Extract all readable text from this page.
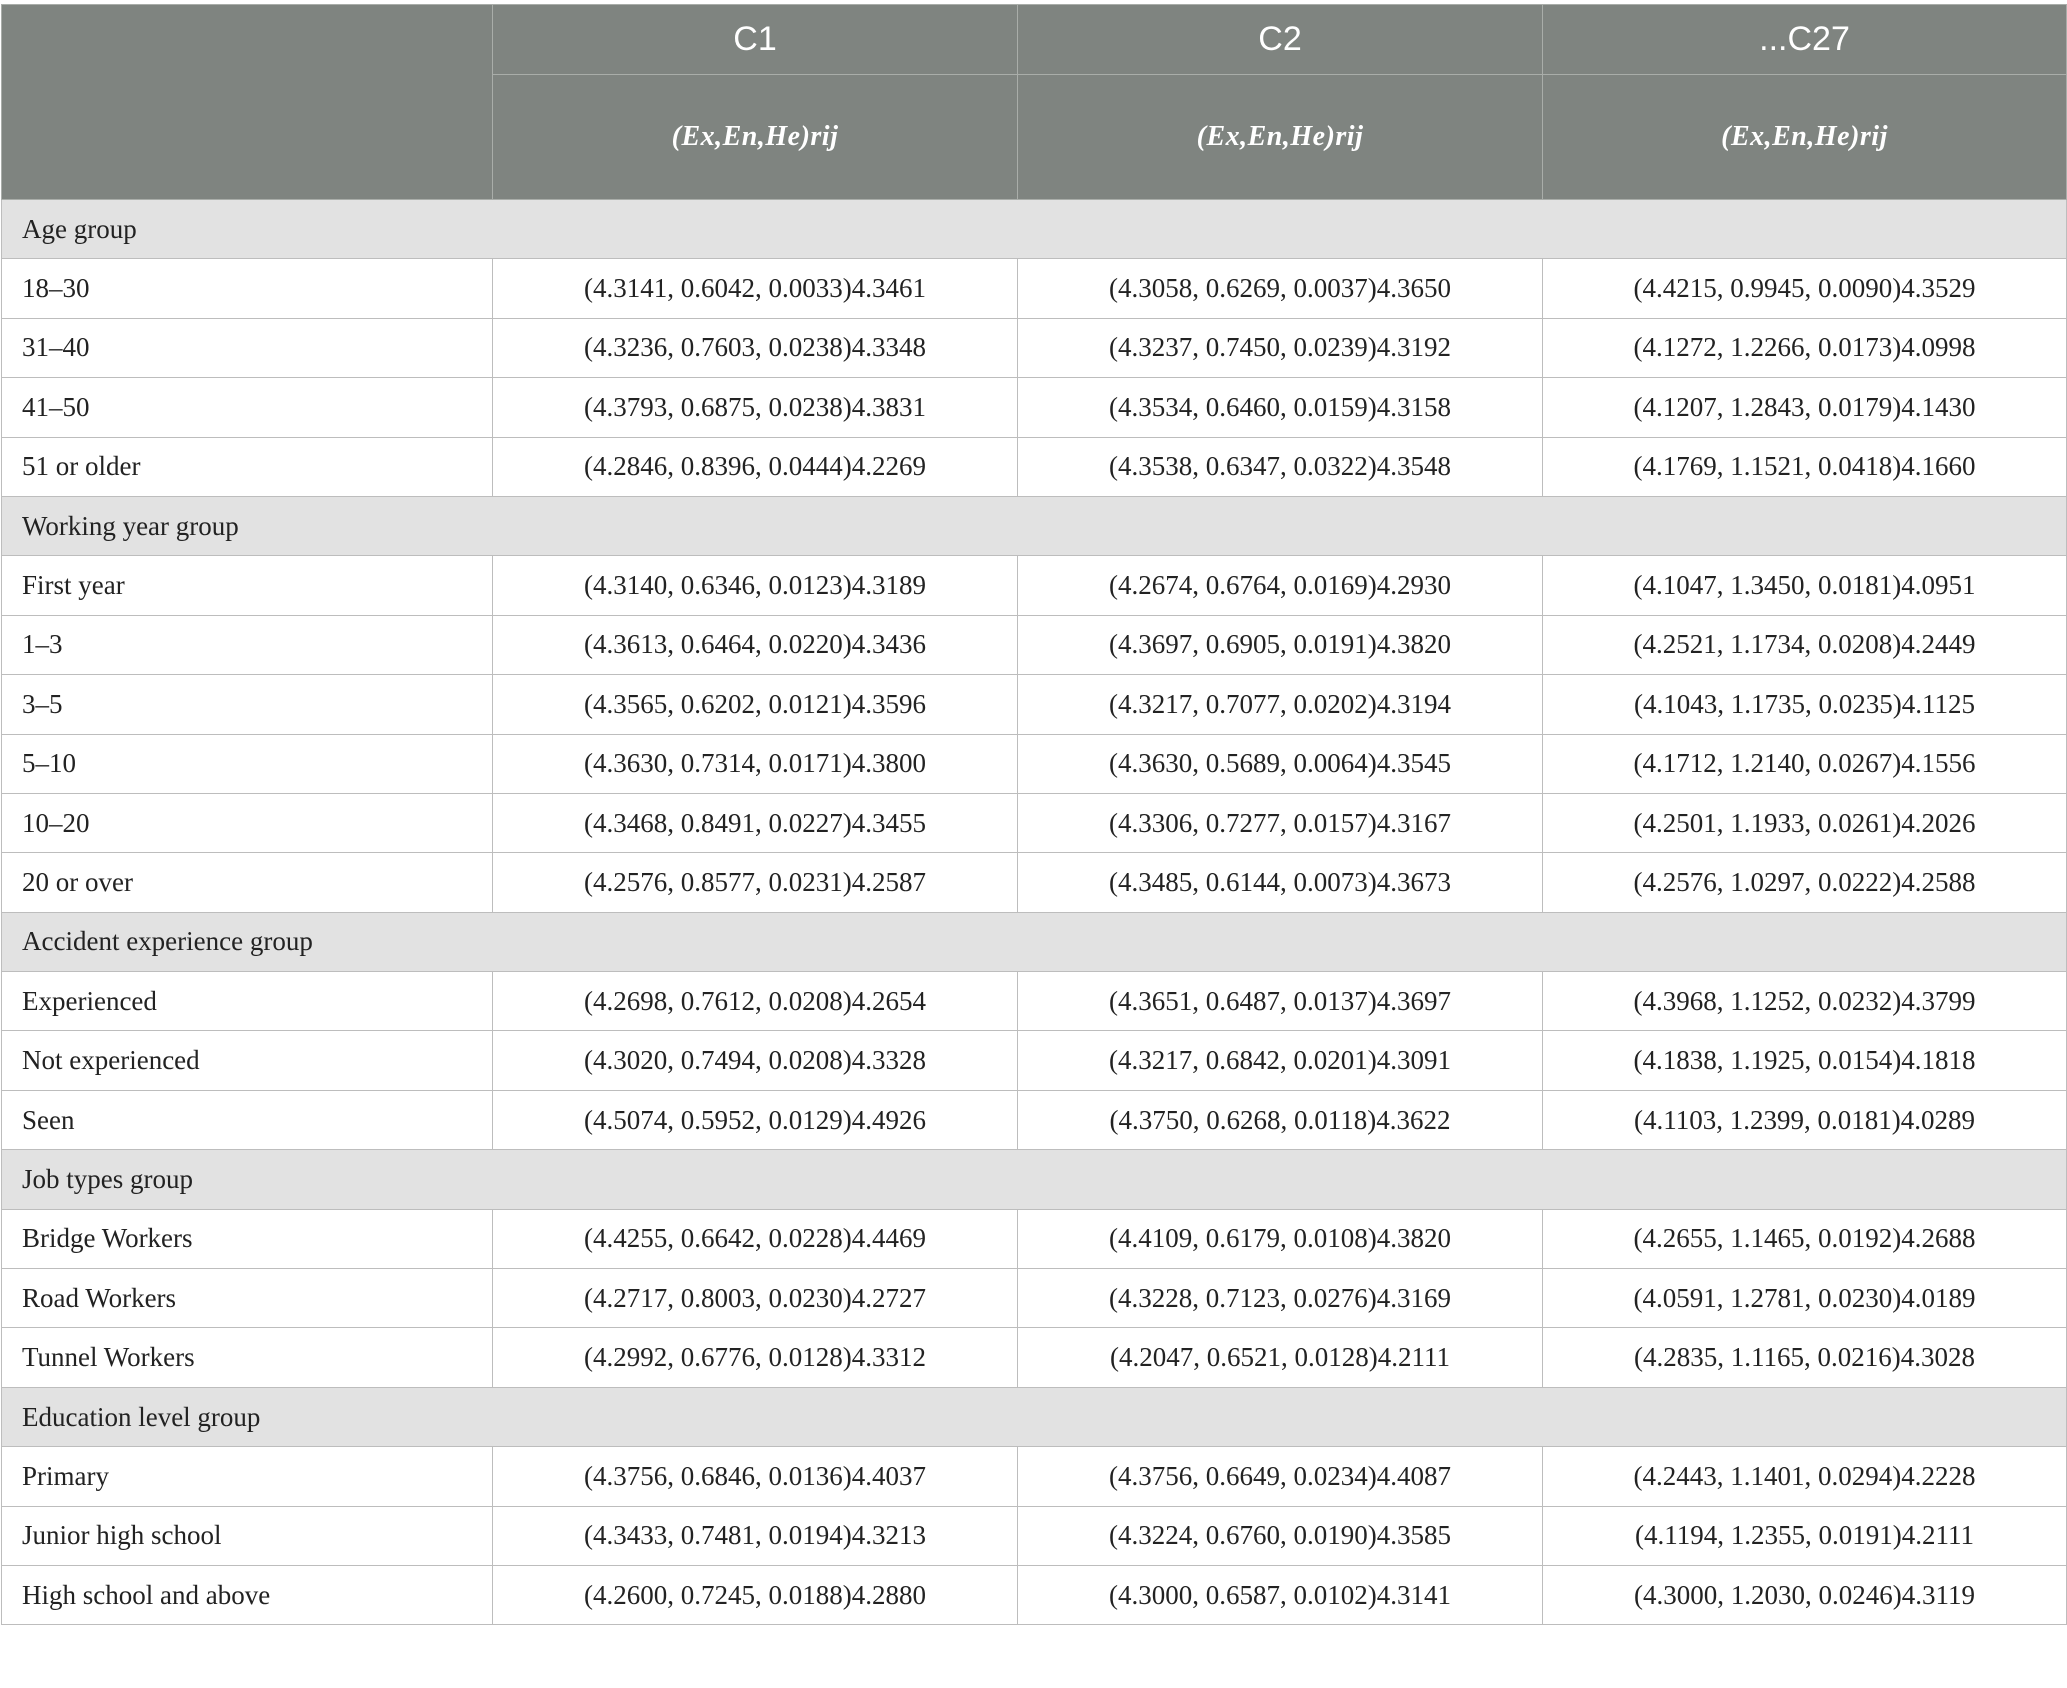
	C1	C2	...C27
	(Ex,En,He)rij	(Ex,En,He)rij	(Ex,En,He)rij
Age group			
18–30	(4.3141, 0.6042, 0.0033)4.3461	(4.3058, 0.6269, 0.0037)4.3650	(4.4215, 0.9945, 0.0090)4.3529
31–40	(4.3236, 0.7603, 0.0238)4.3348	(4.3237, 0.7450, 0.0239)4.3192	(4.1272, 1.2266, 0.0173)4.0998
41–50	(4.3793, 0.6875, 0.0238)4.3831	(4.3534, 0.6460, 0.0159)4.3158	(4.1207, 1.2843, 0.0179)4.1430
51 or older	(4.2846, 0.8396, 0.0444)4.2269	(4.3538, 0.6347, 0.0322)4.3548	(4.1769, 1.1521, 0.0418)4.1660
Working year group			
First year	(4.3140, 0.6346, 0.0123)4.3189	(4.2674, 0.6764, 0.0169)4.2930	(4.1047, 1.3450, 0.0181)4.0951
1–3	(4.3613, 0.6464, 0.0220)4.3436	(4.3697, 0.6905, 0.0191)4.3820	(4.2521, 1.1734, 0.0208)4.2449
3–5	(4.3565, 0.6202, 0.0121)4.3596	(4.3217, 0.7077, 0.0202)4.3194	(4.1043, 1.1735, 0.0235)4.1125
5–10	(4.3630, 0.7314, 0.0171)4.3800	(4.3630, 0.5689, 0.0064)4.3545	(4.1712, 1.2140, 0.0267)4.1556
10–20	(4.3468, 0.8491, 0.0227)4.3455	(4.3306, 0.7277, 0.0157)4.3167	(4.2501, 1.1933, 0.0261)4.2026
20 or over	(4.2576, 0.8577, 0.0231)4.2587	(4.3485, 0.6144, 0.0073)4.3673	(4.2576, 1.0297, 0.0222)4.2588
Accident experience group			
Experienced	(4.2698, 0.7612, 0.0208)4.2654	(4.3651, 0.6487, 0.0137)4.3697	(4.3968, 1.1252, 0.0232)4.3799
Not experienced	(4.3020, 0.7494, 0.0208)4.3328	(4.3217, 0.6842, 0.0201)4.3091	(4.1838, 1.1925, 0.0154)4.1818
Seen	(4.5074, 0.5952, 0.0129)4.4926	(4.3750, 0.6268, 0.0118)4.3622	(4.1103, 1.2399, 0.0181)4.0289
Job types group			
Bridge Workers	(4.4255, 0.6642, 0.0228)4.4469	(4.4109, 0.6179, 0.0108)4.3820	(4.2655, 1.1465, 0.0192)4.2688
Road Workers	(4.2717, 0.8003, 0.0230)4.2727	(4.3228, 0.7123, 0.0276)4.3169	(4.0591, 1.2781, 0.0230)4.0189
Tunnel Workers	(4.2992, 0.6776, 0.0128)4.3312	(4.2047, 0.6521, 0.0128)4.2111	(4.2835, 1.1165, 0.0216)4.3028
Education level group			
Primary	(4.3756, 0.6846, 0.0136)4.4037	(4.3756, 0.6649, 0.0234)4.4087	(4.2443, 1.1401, 0.0294)4.2228
Junior high school	(4.3433, 0.7481, 0.0194)4.3213	(4.3224, 0.6760, 0.0190)4.3585	(4.1194, 1.2355, 0.0191)4.2111
High school and above	(4.2600, 0.7245, 0.0188)4.2880	(4.3000, 0.6587, 0.0102)4.3141	(4.3000, 1.2030, 0.0246)4.3119
